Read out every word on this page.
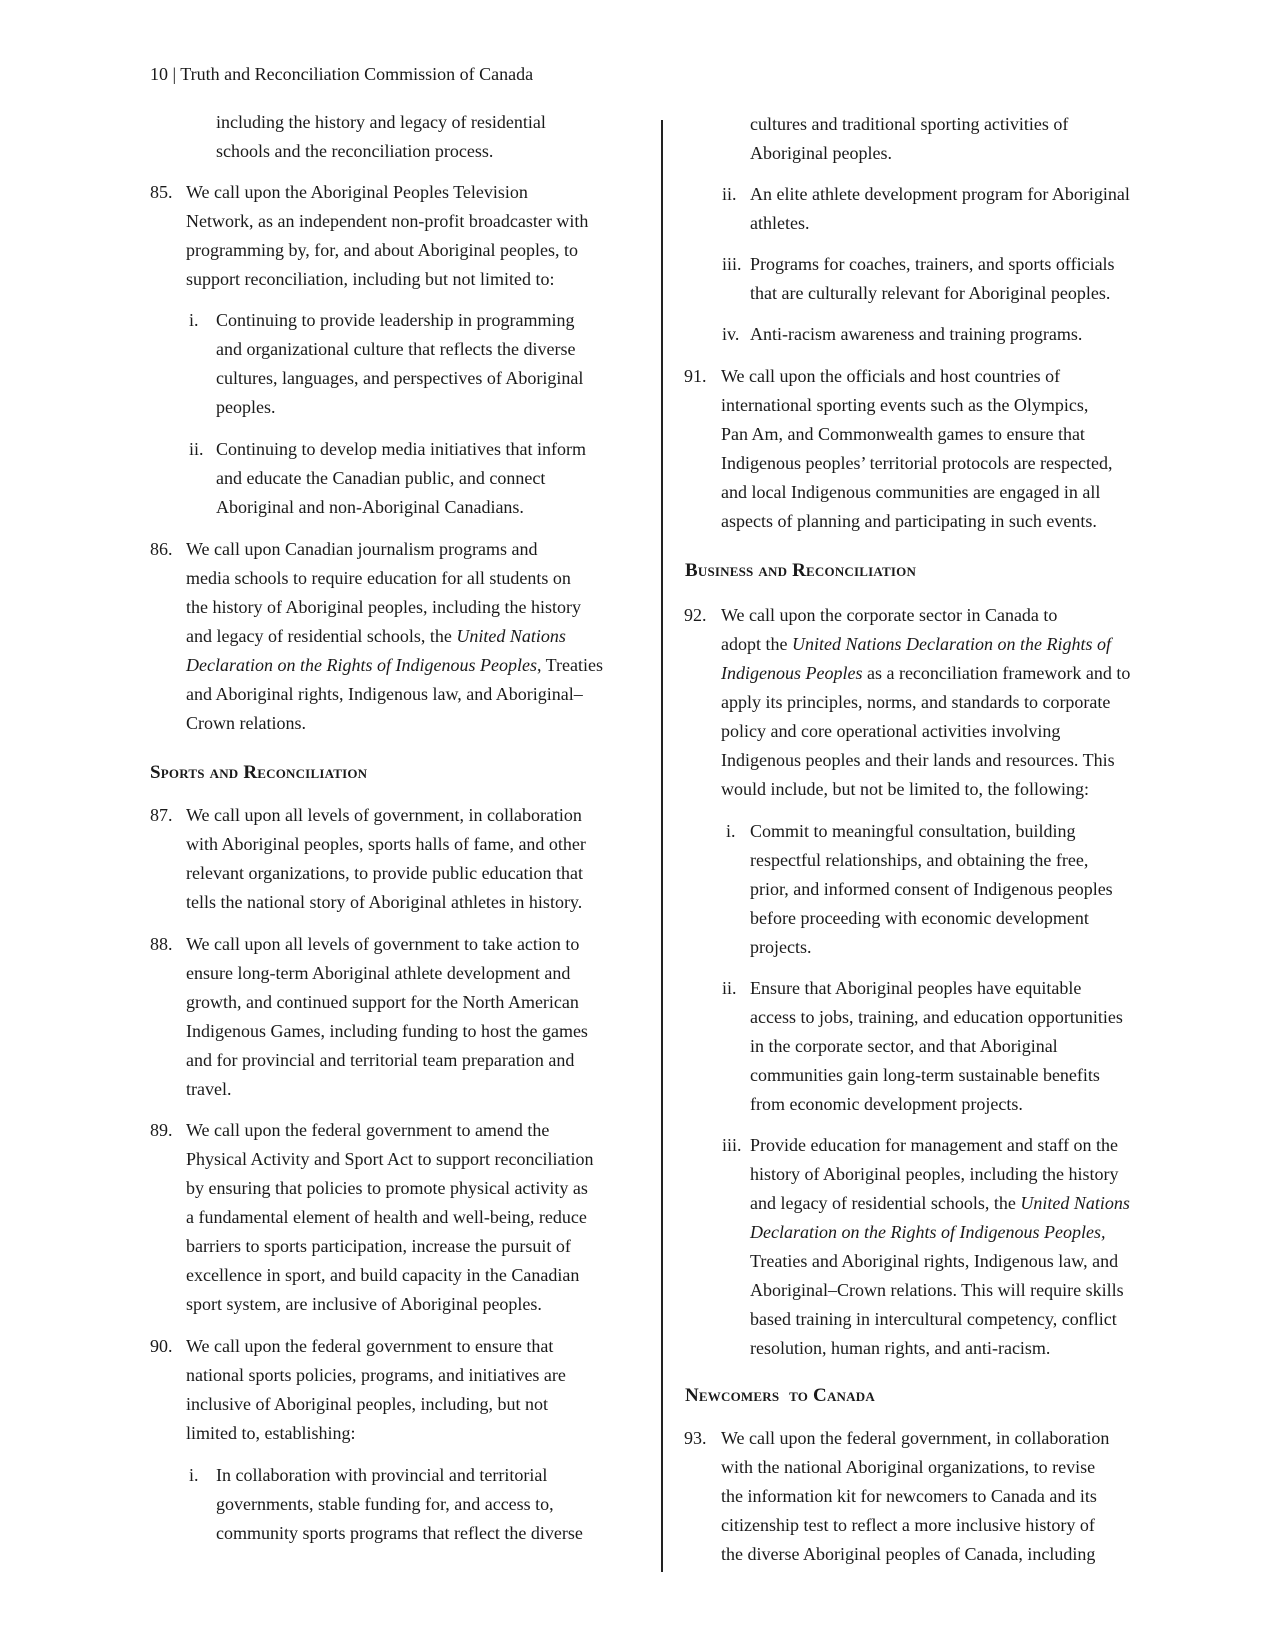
10 | Truth and Reconciliation Commission of Canada
including the history and legacy of residential
schools and the reconciliation process.
85. We call upon the Aboriginal Peoples Television
Network, as an independent non-profit broadcaster with
programming by, for, and about Aboriginal peoples, to
support reconciliation, including but not limited to:
i. Continuing to provide leadership in programming
and organizational culture that reflects the diverse
cultures, languages, and perspectives of Aboriginal
peoples.
ii. Continuing to develop media initiatives that inform
and educate the Canadian public, and connect
Aboriginal and non-Aboriginal Canadians.
86. We call upon Canadian journalism programs and
media schools to require education for all students on
the history of Aboriginal peoples, including the history
and legacy of residential schools, the United Nations
Declaration on the Rights of Indigenous Peoples, Treaties
and Aboriginal rights, Indigenous law, and Aboriginal–
Crown relations.
Sports and Reconciliation
87. We call upon all levels of government, in collaboration
with Aboriginal peoples, sports halls of fame, and other
relevant organizations, to provide public education that
tells the national story of Aboriginal athletes in history.
88. We call upon all levels of government to take action to
ensure long-term Aboriginal athlete development and
growth, and continued support for the North American
Indigenous Games, including funding to host the games
and for provincial and territorial team preparation and
travel.
89. We call upon the federal government to amend the
Physical Activity and Sport Act to support reconciliation
by ensuring that policies to promote physical activity as
a fundamental element of health and well-being, reduce
barriers to sports participation, increase the pursuit of
excellence in sport, and build capacity in the Canadian
sport system, are inclusive of Aboriginal peoples.
90. We call upon the federal government to ensure that
national sports policies, programs, and initiatives are
inclusive of Aboriginal peoples, including, but not
limited to, establishing:
i. In collaboration with provincial and territorial
governments, stable funding for, and access to,
community sports programs that reflect the diverse
cultures and traditional sporting activities of
Aboriginal peoples.
ii. An elite athlete development program for Aboriginal
athletes.
iii. Programs for coaches, trainers, and sports officials
that are culturally relevant for Aboriginal peoples.
iv. Anti-racism awareness and training programs.
91. We call upon the officials and host countries of
international sporting events such as the Olympics,
Pan Am, and Commonwealth games to ensure that
Indigenous peoples’ territorial protocols are respected,
and local Indigenous communities are engaged in all
aspects of planning and participating in such events.
Business and Reconciliation
92. We call upon the corporate sector in Canada to
adopt the United Nations Declaration on the Rights of
Indigenous Peoples as a reconciliation framework and to
apply its principles, norms, and standards to corporate
policy and core operational activities involving
Indigenous peoples and their lands and resources. This
would include, but not be limited to, the following:
i. Commit to meaningful consultation, building
respectful relationships, and obtaining the free,
prior, and informed consent of Indigenous peoples
before proceeding with economic development
projects.
ii. Ensure that Aboriginal peoples have equitable
access to jobs, training, and education opportunities
in the corporate sector, and that Aboriginal
communities gain long-term sustainable benefits
from economic development projects.
iii. Provide education for management and staff on the
history of Aboriginal peoples, including the history
and legacy of residential schools, the United Nations
Declaration on the Rights of Indigenous Peoples,
Treaties and Aboriginal rights, Indigenous law, and
Aboriginal–Crown relations. This will require skills
based training in intercultural competency, conflict
resolution, human rights, and anti-racism.
Newcomers  to Canada
93. We call upon the federal government, in collaboration
with the national Aboriginal organizations, to revise
the information kit for newcomers to Canada and its
citizenship test to reflect a more inclusive history of
the diverse Aboriginal peoples of Canada, including
